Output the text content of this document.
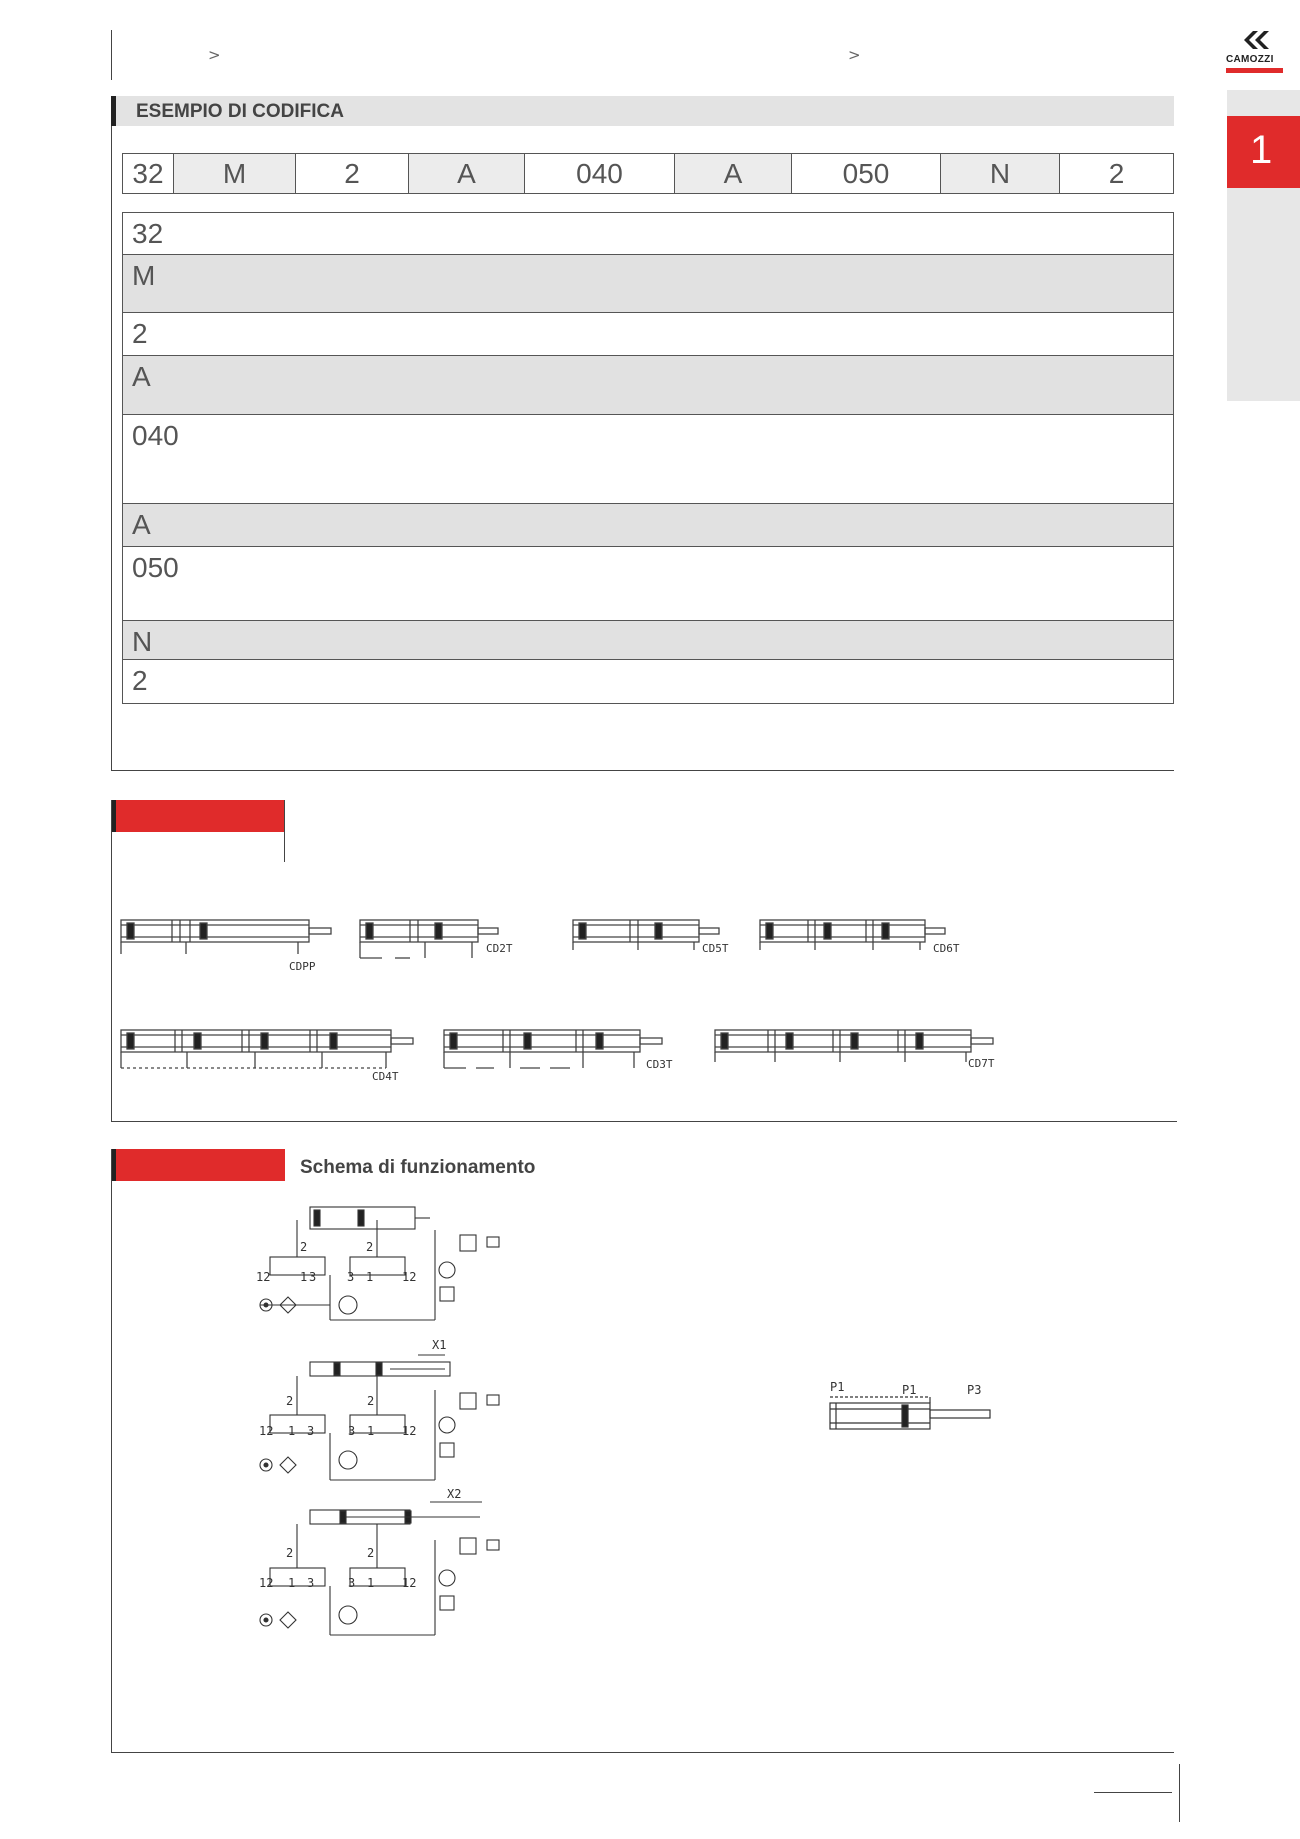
>	>	CAMOZZI
1
ESEMPIO DI CODIFICA
32	M	2	A	040	A	050	N	2
32
M
2
A
040
A
050
N
2
CDPP
CD2T	CD5T	CD6T
CD4T
CD3T	CD7T
Schema di funzionamento
X1
X2
2	2
12	12
1	1
3	3
2	2
12	12
1	1
3	3
2	2
12	12
1	1
3	3
P1	P1	P3
